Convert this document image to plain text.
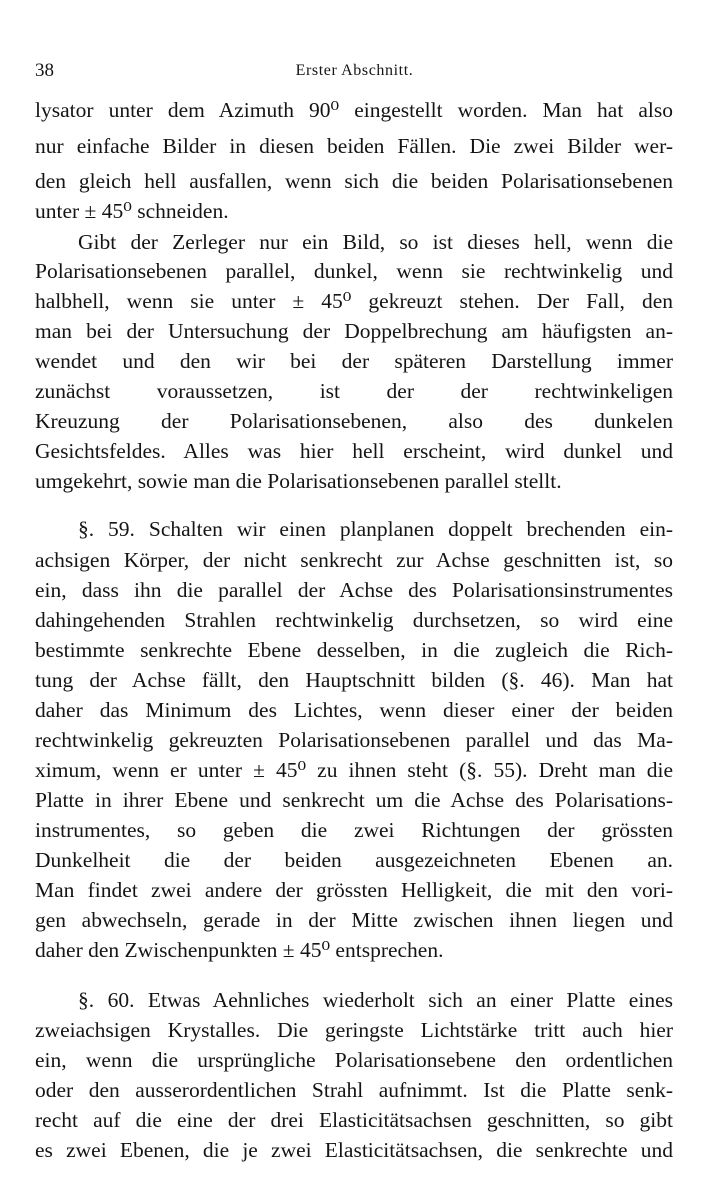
38	Erster Abschnitt.
lysator unter dem Azimuth 90⁰ eingestellt worden. Man hat also
nur einfache Bilder in diesen beiden Fällen. Die zwei Bilder wer-
den gleich hell ausfallen, wenn sich die beiden Polarisationsebenen
unter ± 45⁰ schneiden.
Gibt der Zerleger nur ein Bild, so ist dieses hell, wenn die
Polarisationsebenen parallel, dunkel, wenn sie rechtwinkelig und
halbhell, wenn sie unter ± 45⁰ gekreuzt stehen. Der Fall, den
man bei der Untersuchung der Doppelbrechung am häufigsten an-
wendet und den wir bei der späteren Darstellung immer
zunächst voraussetzen, ist der der rechtwinkeligen
Kreuzung der Polarisationsebenen, also des dunkelen
Gesichtsfeldes. Alles was hier hell erscheint, wird dunkel und
umgekehrt, sowie man die Polarisationsebenen parallel stellt.
§. 59. Schalten wir einen planplanen doppelt brechenden ein-
achsigen Körper, der nicht senkrecht zur Achse geschnitten ist, so
ein, dass ihn die parallel der Achse des Polarisationsinstrumentes
dahingehenden Strahlen rechtwinkelig durchsetzen, so wird eine
bestimmte senkrechte Ebene desselben, in die zugleich die Rich-
tung der Achse fällt, den Hauptschnitt bilden (§. 46). Man hat
daher das Minimum des Lichtes, wenn dieser einer der beiden
rechtwinkelig gekreuzten Polarisationsebenen parallel und das Ma-
ximum, wenn er unter ± 45⁰ zu ihnen steht (§. 55). Dreht man die
Platte in ihrer Ebene und senkrecht um die Achse des Polarisations-
instrumentes, so geben die zwei Richtungen der grössten
Dunkelheit die der beiden ausgezeichneten Ebenen an.
Man findet zwei andere der grössten Helligkeit, die mit den vori-
gen abwechseln, gerade in der Mitte zwischen ihnen liegen und
daher den Zwischenpunkten ± 45⁰ entsprechen.
§. 60. Etwas Aehnliches wiederholt sich an einer Platte eines
zweiachsigen Krystalles. Die geringste Lichtstärke tritt auch hier
ein, wenn die ursprüngliche Polarisationsebene den ordentlichen
oder den ausserordentlichen Strahl aufnimmt. Ist die Platte senk-
recht auf die eine der drei Elasticitätsachsen geschnitten, so gibt
es zwei Ebenen, die je zwei Elasticitätsachsen, die senkrechte und
